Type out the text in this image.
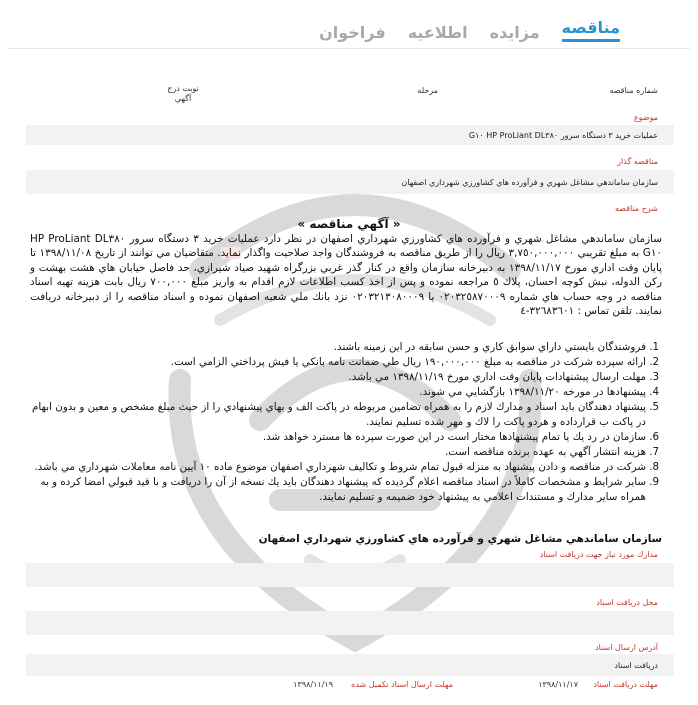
مناقصه
مزايده
اطلاعیه
فراخوان
شماره مناقصه
مرحله
نوبت درج آگهي
موضوع
عمليات خريد ٣ دستگاه سرور HP ProLiant DL٣٨٠ G١٠
مناقصه گذار
سازمان ساماندهي مشاغل شهري و فرآورده هاي كشاورزي شهرداري اصفهان
شرح مناقصه
« آگهي مناقصه »
سازمان ساماندهي مشاغل شهري و فرآورده هاي كشاورزي شهرداري اصفهان در نظر دارد عمليات خريد ٣ دستگاه سرور HP ProLiant DL٣٨٠ G١٠ به مبلغ تقريبي ٣,٧٥٠,٠٠٠,٠٠٠ ريال را از طريق مناقصه به فروشندگان واجد صلاحيت واگذار نمايد. متقاضيان مي توانند از تاريخ ١٣٩٨/١١/٠٨ تا پايان وقت اداري مورخ ١٣٩٨/١١/١٧ به دبيرخانه سازمان واقع در كنار گذر غربي بزرگراه شهيد صياد شيرازي، حد فاصل خيابان هاي هشت بهشت و ركن الدوله، نبش كوچه احسان، پلاك ٥ مراجعه نموده و پس از اخذ كسب اطلاعات لازم اقدام به واريز مبلغ ٧٠٠,٠٠٠ ريال بابت هزينه تهيه اسناد مناقصه در وجه حساب هاي شماره ٠٢٠٣٢٥٨٧٠٠٠٩ يا ٠٢٠٣٢١٣٠٨٠٠٠٩ نزد بانك ملي شعبه اصفهان نموده و اسناد مناقصه را از دبيرخانه دريافت نمايند. تلفن تماس : ٣٢٦٨٣٦٠١-٤
1. فروشندگان بايستي داراي سوابق كاري و حسن سابقه در اين زمينه باشند.
2. ارائه سپرده شركت در مناقصه به مبلغ ١٩٠,٠٠٠,٠٠٠ ريال طي ضمانت نامه بانكي يا فيش پرداختي الزامي است.
3. مهلت ارسال پيشنهادات پايان وقت اداري مورخ ١٣٩٨/١١/١٩ مي باشد.
4. پيشنهادها در مورخه ١٣٩٨/١١/٢٠ بازگشايي مي شوند.
5. پيشنهاد دهندگان بايد اسناد و مدارك لازم را به همراه تضامين مربوطه در پاكت الف و بهاي پيشنهادي را از حيث مبلغ مشخص و معين و بدون ابهام در پاكت ب قرارداده و هردو پاكت را لاك و مهر شده تسليم نمايند.
6. سازمان در رد يك يا تمام پيشنهادها مختار است در اين صورت سپرده ها مسترد خواهد شد.
7. هزينه انتشار آگهي به عهده برنده مناقصه است.
8. شركت در مناقصه و دادن پيشنهاد به منزله قبول تمام شروط و تكاليف شهرداري اصفهان موضوع ماده ١٠ آيين نامه معاملات شهرداري مي باشد.
9. ساير شرايط و مشخصات كاملاً در اسناد مناقصه اعلام گرديده كه پيشنهاد دهندگان بايد يك نسخه از آن را دريافت و با قيد قبولي امضا كرده و به همراه ساير مدارك و مستندات اعلامي به پيشنهاد خود ضميمه و تسليم نمايند.
سازمان ساماندهي مشاغل شهري و فرآورده هاي كشاورزي شهرداري اصفهان
مدارك مورد نياز جهت دريافت اسناد
محل دريافت اسناد
آدرس ارسال اسناد
دريافت اسناد
مهلت دريافت اسناد
١٣٩٨/١١/١٧
مهلت ارسال اسناد تكميل شده
١٣٩٨/١١/١٩
